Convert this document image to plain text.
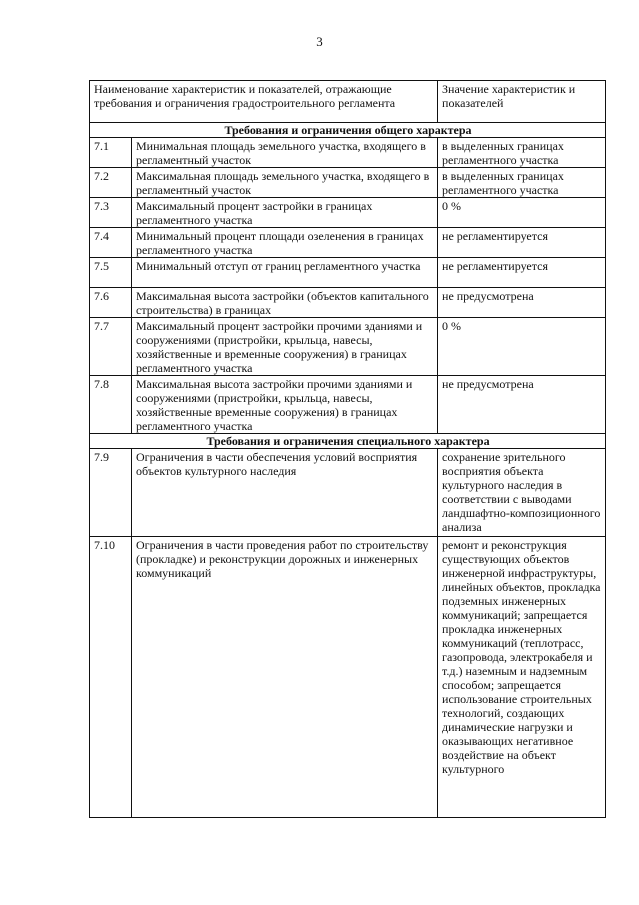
3
Наименование характеристик и показателей, отражающие требования и ограничения градостроительного регламента		Значение характеристик и показателей
Требования и ограничения общего характера		
7.1	Минимальная площадь земельного участка, входящего в регламентный участок	в выделенных границах регламентного участка
7.2	Максимальная площадь земельного участка, входящего в регламентный участок	в выделенных границах регламентного участка
7.3	Максимальный процент застройки в границах регламентного участка	0 %
7.4	Минимальный процент площади озеленения в границах регламентного участка	не регламентируется
7.5	Минимальный отступ от границ регламентного участка	не регламентируется
7.6	Максимальная высота застройки (объектов капитального строительства) в границах	не предусмотрена
7.7	Максимальный процент застройки прочими зданиями и сооружениями (пристройки, крыльца, навесы, хозяйственные и временные сооружения) в границах регламентного участка	0 %
7.8	Максимальная высота застройки прочими зданиями и сооружениями (пристройки, крыльца, навесы, хозяйственные временные сооружения) в границах регламентного участка	не предусмотрена
Требования и ограничения специального характера		
7.9	Ограничения в части обеспечения условий восприятия объектов культурного наследия	сохранение зрительного восприятия объекта культурного наследия в соответствии с выводами ландшафтно-композиционного анализа
7.10	Ограничения в части проведения работ по строительству (прокладке) и реконструкции дорожных и инженерных коммуникаций	ремонт и реконструкция существующих объектов инженерной инфраструктуры, линейных объектов, прокладка подземных инженерных коммуникаций; запрещается прокладка инженерных коммуникаций (теплотрасс, газопровода, электрокабеля и т.д.) наземным и надземным способом; запрещается использование строительных технологий, создающих динамические нагрузки и оказывающих негативное воздействие на объект культурного
